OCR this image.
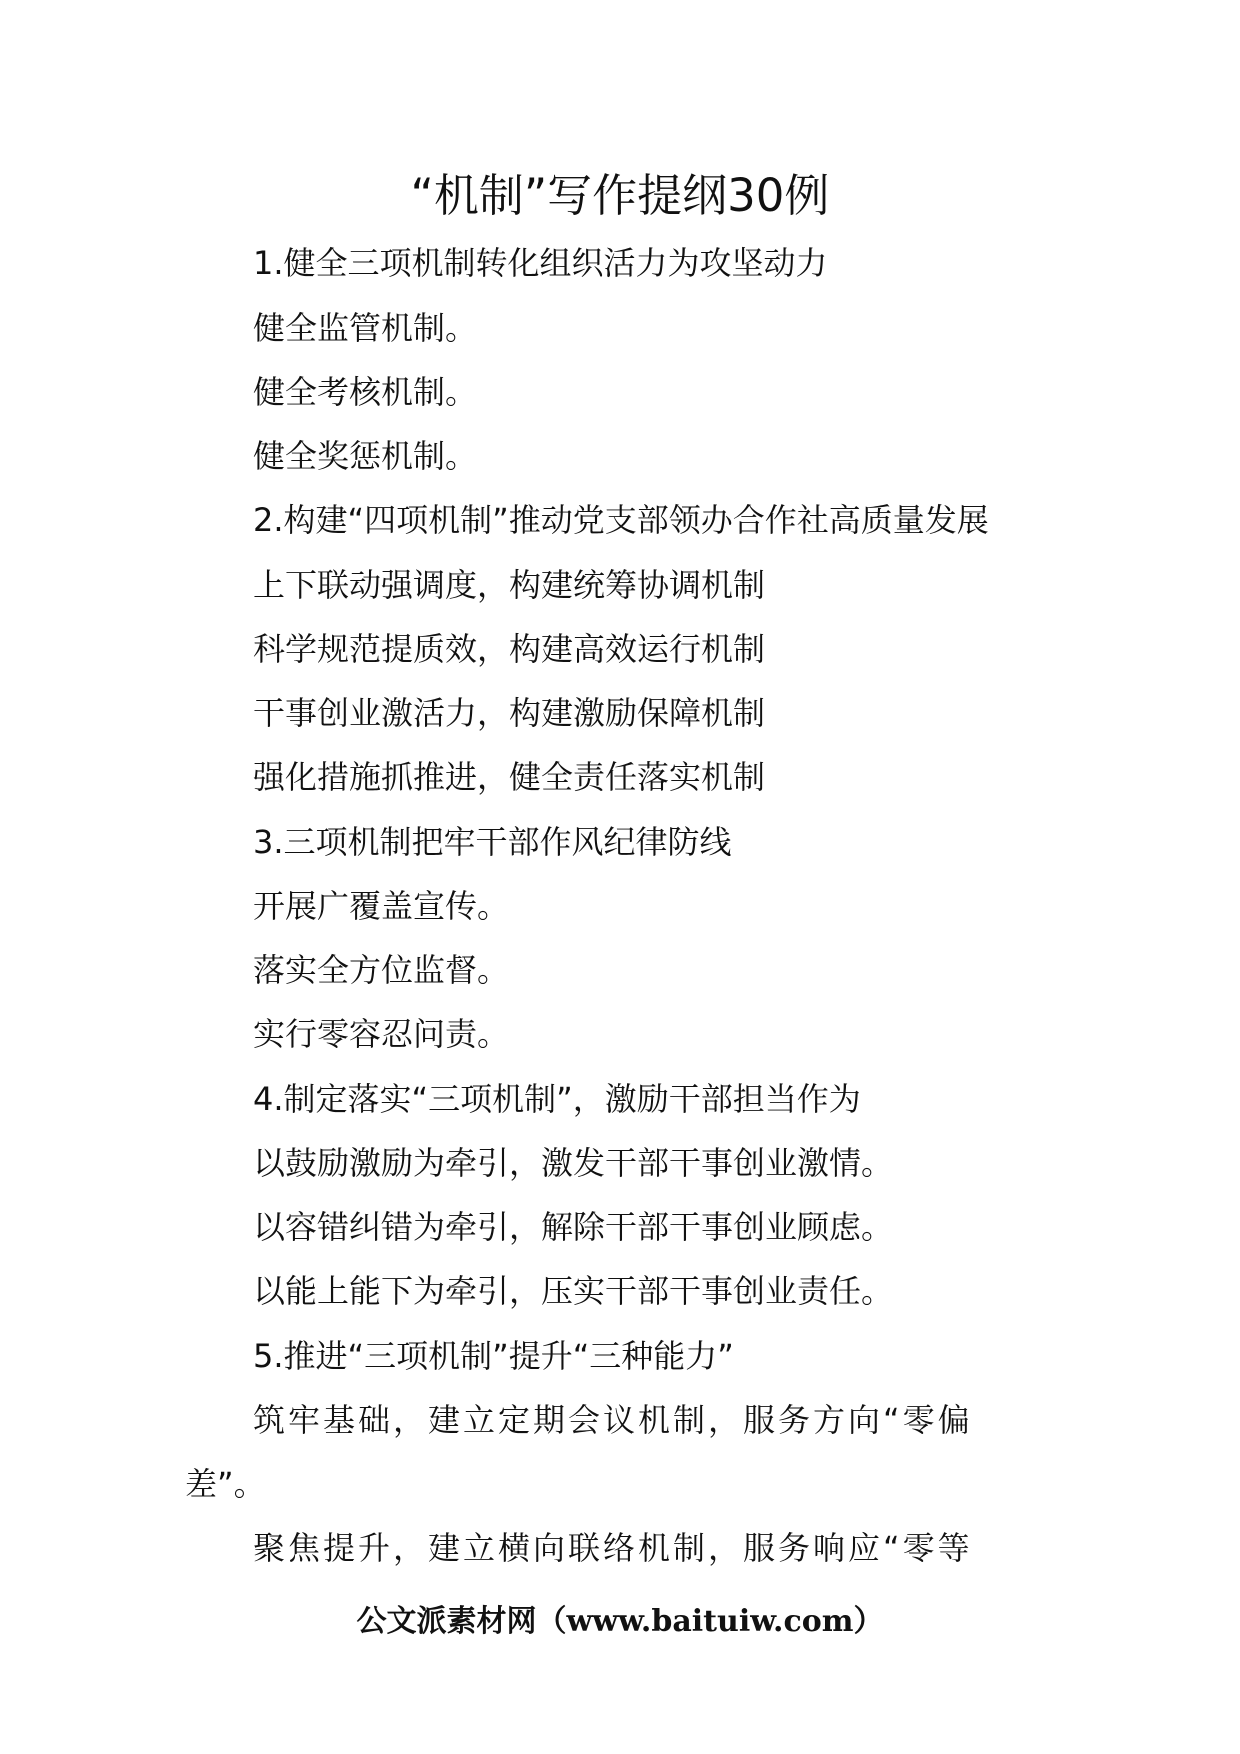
“机制”写作提纲30例
1.健全三项机制转化组织活力为攻坚动力
健全监管机制。
健全考核机制。
健全奖惩机制。
2.构建“四项机制”推动党支部领办合作社高质量发展
上下联动强调度，构建统筹协调机制
科学规范提质效，构建高效运行机制
干事创业激活力，构建激励保障机制
强化措施抓推进，健全责任落实机制
3.三项机制把牢干部作风纪律防线
开展广覆盖宣传。
落实全方位监督。
实行零容忍问责。
4.制定落实“三项机制”，激励干部担当作为
以鼓励激励为牵引，激发干部干事创业激情。
以容错纠错为牵引，解除干部干事创业顾虑。
以能上能下为牵引，压实干部干事创业责任。
5.推进“三项机制”提升“三种能力”
筑牢基础，建立定期会议机制，服务方向“零偏
差”。
聚焦提升，建立横向联络机制，服务响应“零等
公文派素材网（www.baituiw.com）
